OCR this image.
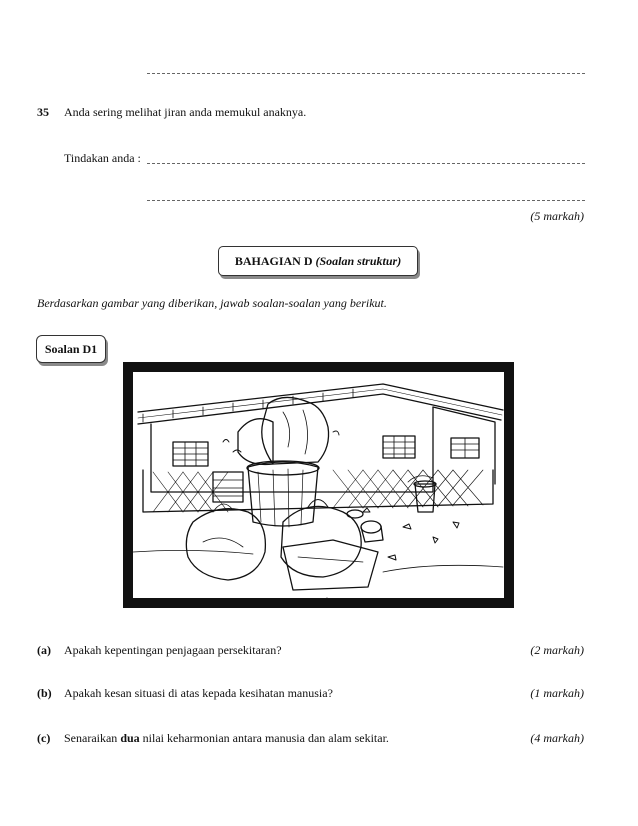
35 Anda sering melihat jiran anda memukul anaknya.
Tindakan anda :
(5 markah)
BAHAGIAN D
(Soalan struktur)
Berdasarkan gambar yang diberikan, jawab soalan-soalan yang berikut.
Soalan D1
(a) Apakah kepentingan penjagaan persekitaran?	(2 markah)
(b) Apakah kesan situasi di atas kepada kesihatan manusia?	(1 markah)
(c) Senaraikan dua nilai keharmonian antara manusia dan alam sekitar.	(4 markah)
